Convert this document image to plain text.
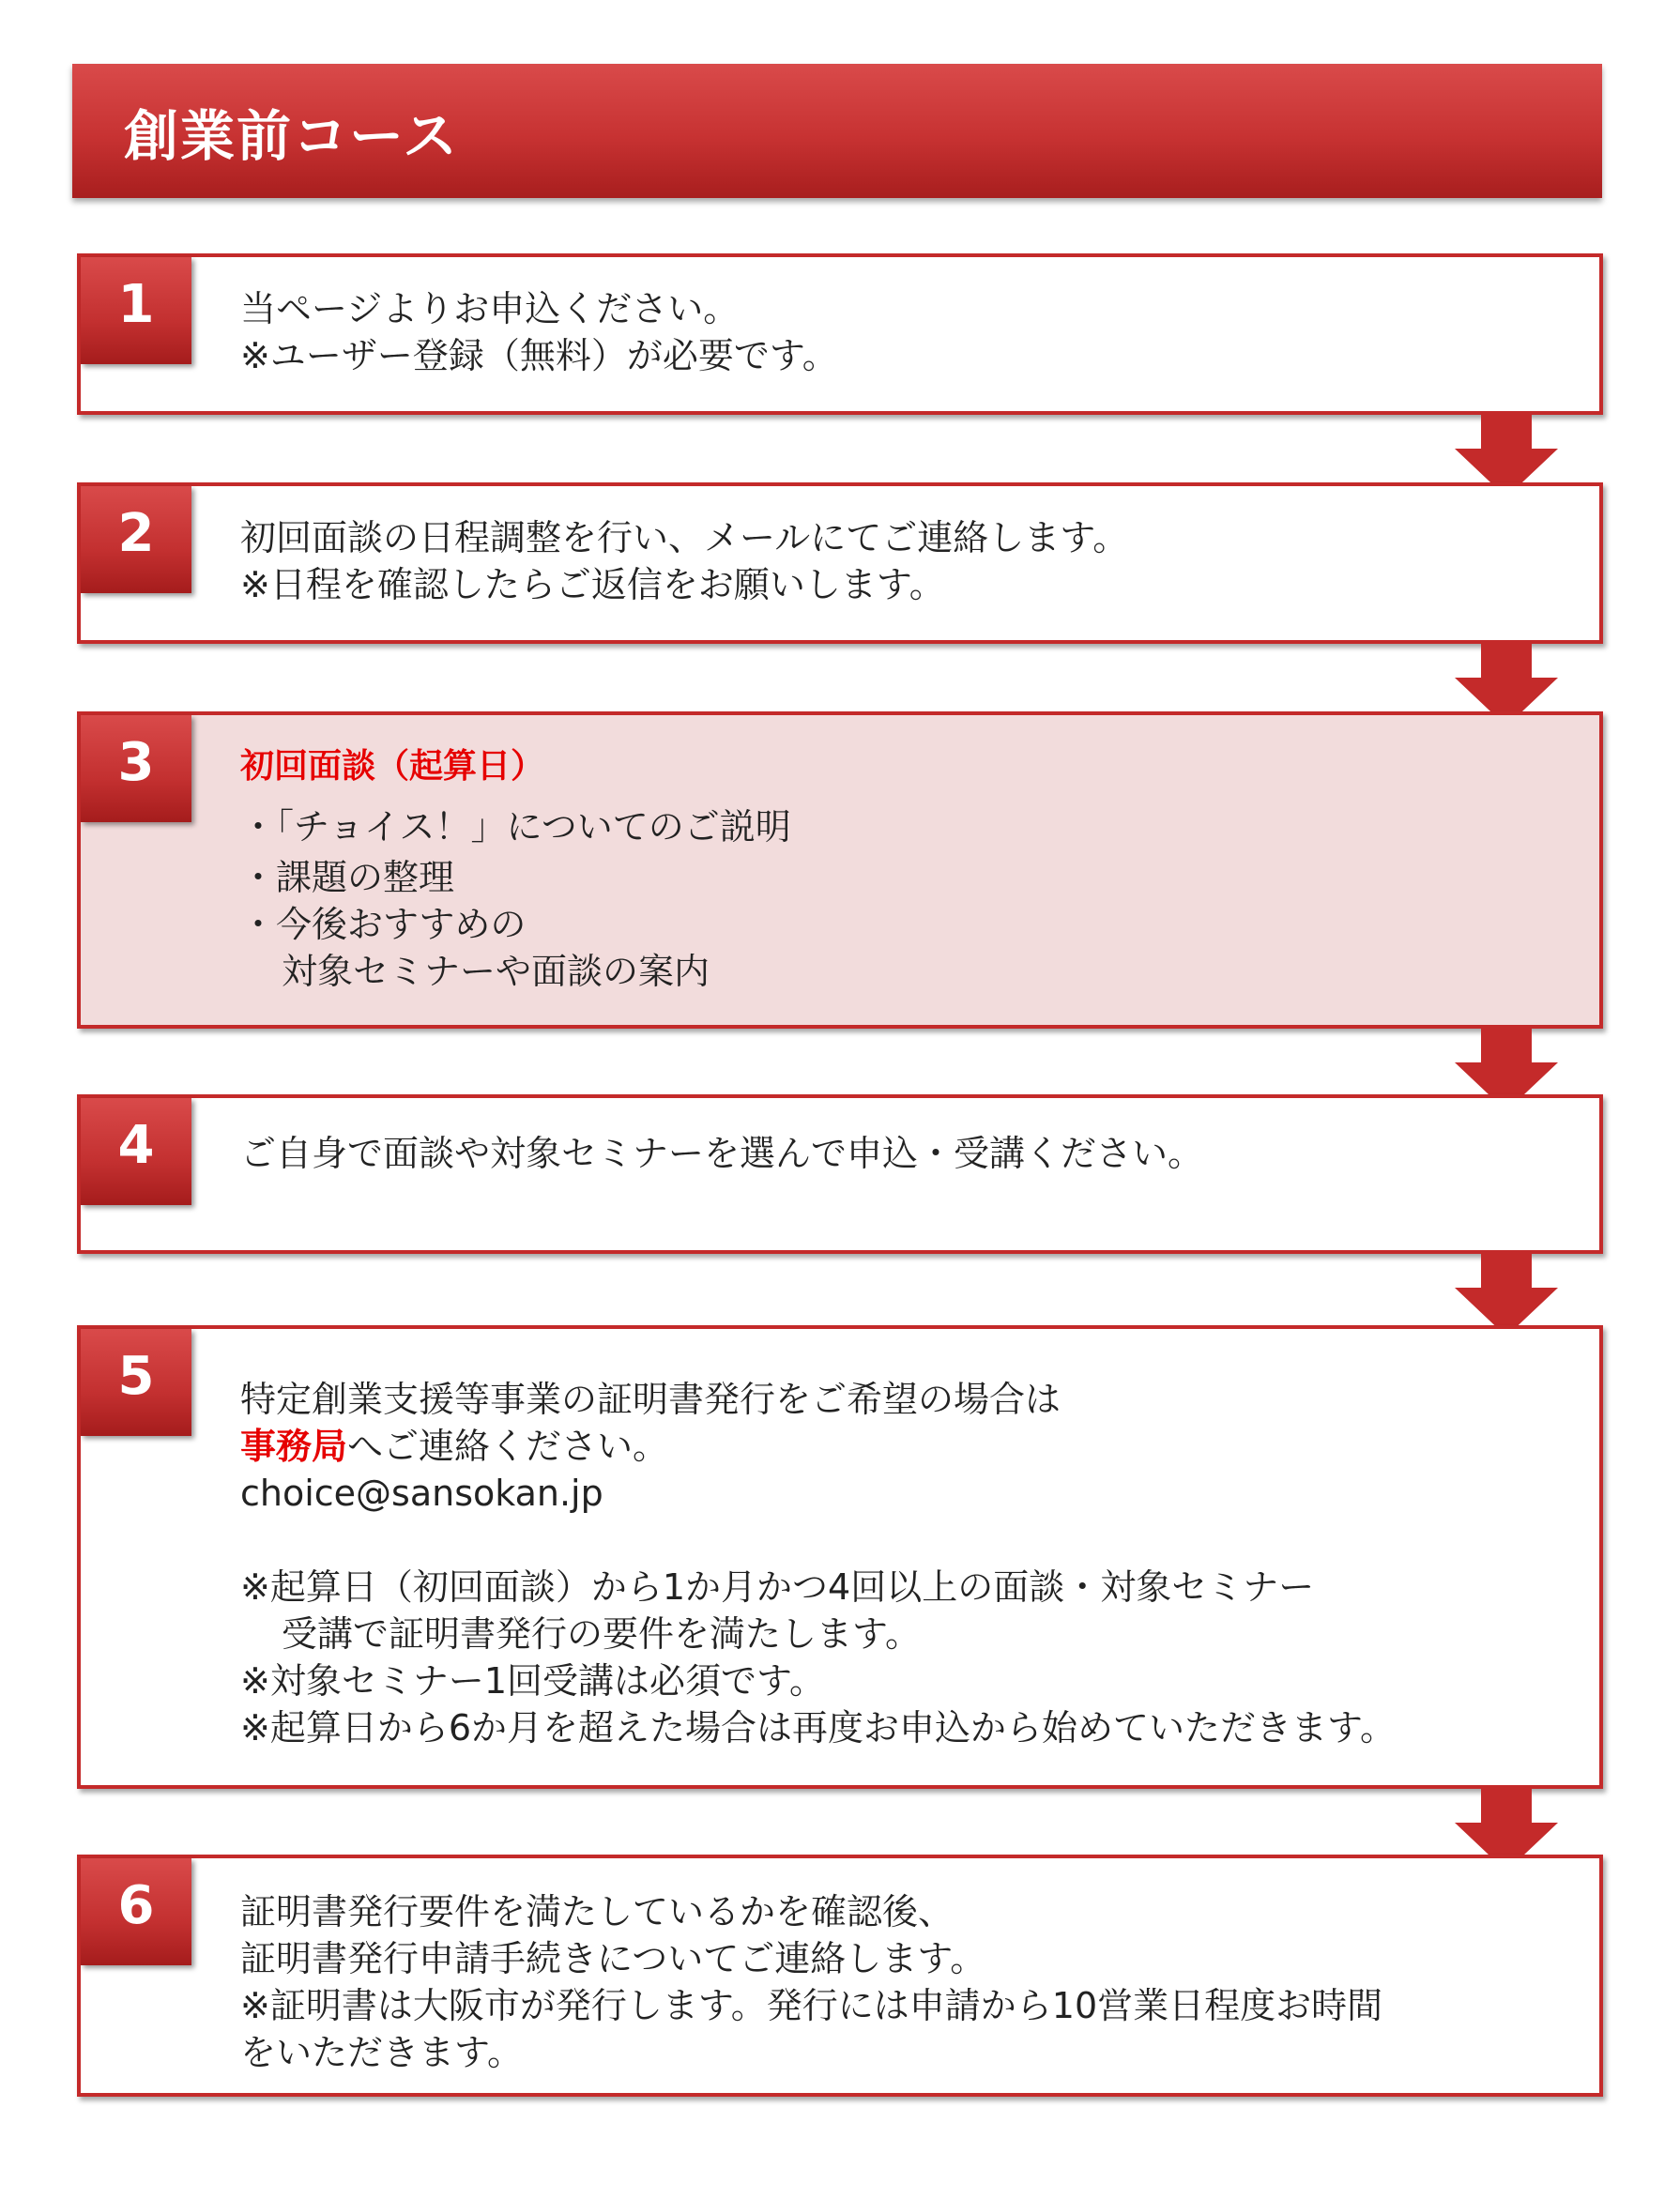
創業前コース
1	当ページよりお申込ください。
※ユーザー登録（無料）が必要です。
2	初回面談の日程調整を行い、メールにてご連絡します。
※日程を確認したらご返信をお願いします。
3	初回面談（起算日）
・「チョイス！」についてのご説明
・課題の整理
・今後おすすめの
対象セミナーや面談の案内
4	ご自身で面談や対象セミナーを選んで申込・受講ください。
5	特定創業支援等事業の証明書発行をご希望の場合は
事務局へご連絡ください。
choice@sansokan.jp
※起算日（初回面談）から1か月かつ4回以上の面談・対象セミナー
受講で証明書発行の要件を満たします。
※対象セミナー1回受講は必須です。
※起算日から6か月を超えた場合は再度お申込から始めていただきます。
6	証明書発行要件を満たしているかを確認後、
証明書発行申請手続きについてご連絡します。
※証明書は大阪市が発行します。発行には申請から10営業日程度お時間
をいただきます。
